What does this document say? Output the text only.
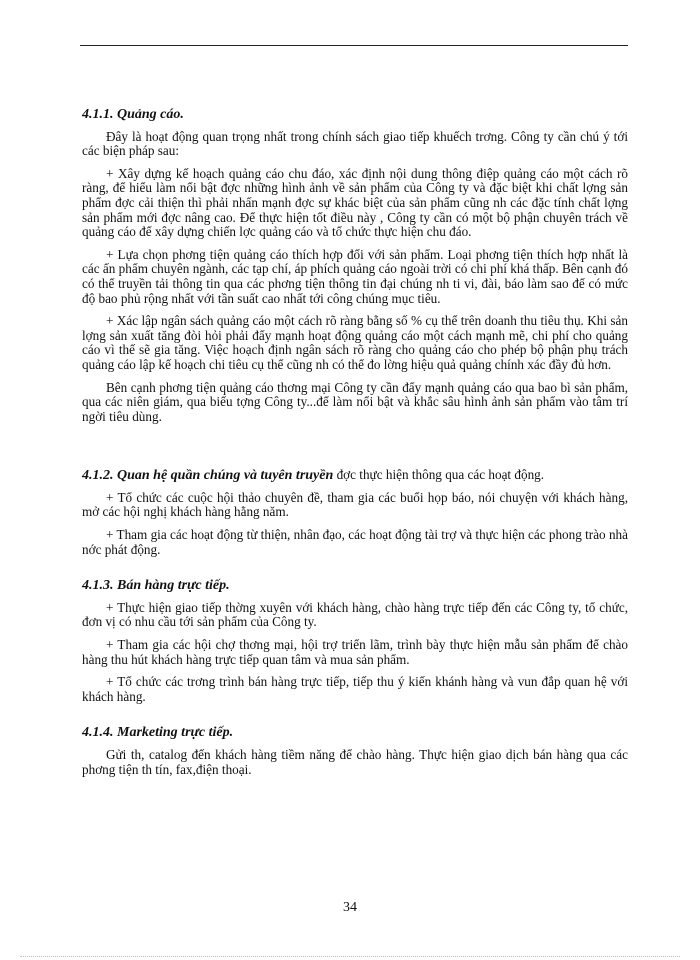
4.1.1. Quảng cáo.

Đây là hoạt động quan trọng nhất trong chính sách giao tiếp khuếch trơng. Công ty cần chú ý tới các biện pháp sau:

+ Xây dựng kế hoạch quảng cáo chu đáo, xác định nội dung thông điệp quảng cáo một cách rõ ràng, để hiểu làm nổi bật đợc những hình ảnh về sản phẩm của Công ty và đặc biệt khi chất lợng sản phẩm đợc cải thiện thì phải nhấn mạnh đợc sự khác biệt của sản phẩm cũng nh các đặc tính chất lợng sản phẩm mới đợc nâng cao. Để thực hiện tốt điều này , Công ty cần có một bộ phận chuyên trách về quảng cáo để xây dựng chiến lợc quảng cáo và tổ chức thực hiện chu đáo.

+ Lựa chọn phơng tiện quảng cáo thích hợp đối với sản phẩm. Loại phơng tiện thích hợp nhất là các ấn phẩm chuyên ngành, các tạp chí, áp phích quảng cáo ngoài trời có chi phí khá thấp. Bên cạnh đó có thể truyền tải thông tin qua các phơng tiện thông tin đại chúng nh ti vi, đài, báo làm sao để có mức độ bao phủ rộng nhất với tần suất cao nhất tới công chúng mục tiêu.

+ Xác lập ngân sách quảng cáo một cách rõ ràng bằng số % cụ thể trên doanh thu tiêu thụ. Khi sản lợng sản xuất tăng đòi hỏi phải đẩy mạnh hoạt động quảng cáo một cách mạnh mẽ, chi phí cho quảng cáo vì thế sẽ gia tăng. Việc hoạch định ngân sách rõ ràng cho quảng cáo cho phép bộ phận phụ trách quảng cáo lập kế hoạch chi tiêu cụ thể cũng nh có thể đo lờng hiệu quả quảng chính xác đầy đủ hơn.

Bên cạnh phơng tiện quảng cáo thơng mại Công ty cần đẩy mạnh quảng cáo qua bao bì sản phẩm, qua các niên giám, qua biểu tợng Công ty...để làm nổi bật và khắc sâu hình ảnh sản phẩm vào tâm trí ngời tiêu dùng.

4.1.2. Quan hệ quần chúng và tuyên truyền đợc thực hiện thông qua các hoạt động.

+ Tổ chức các cuộc hội thảo chuyên đề, tham gia các buổi họp báo, nói chuyện với khách hàng, mở các hội nghị khách hàng hằng năm.

+ Tham gia các hoạt động từ thiện, nhân đạo, các hoạt động tài trợ và thực hiện các phong trào nhà nớc phát động.

4.1.3. Bán hàng trực tiếp.

+ Thực hiện giao tiếp thờng xuyên với khách hàng, chào hàng trực tiếp đến các Công ty, tổ chức, đơn vị có nhu cầu tới sản phẩm của Công ty.

+ Tham gia các hội chợ thơng mại, hội trợ triển lãm, trình bày thực hiện mẫu sản phẩm để chào hàng thu hút khách hàng trực tiếp quan tâm và mua sản phẩm.

+ Tổ chức các trơng trình bán hàng trực tiếp, tiếp thu ý kiến khánh hàng và vun đắp quan hệ với khách hàng.

4.1.4. Marketing trực tiếp.

Gửi th, catalog đến khách hàng tiềm năng để chào hàng. Thực hiện giao dịch bán hàng qua các phơng tiện th tín, fax,điện thoại.

34
